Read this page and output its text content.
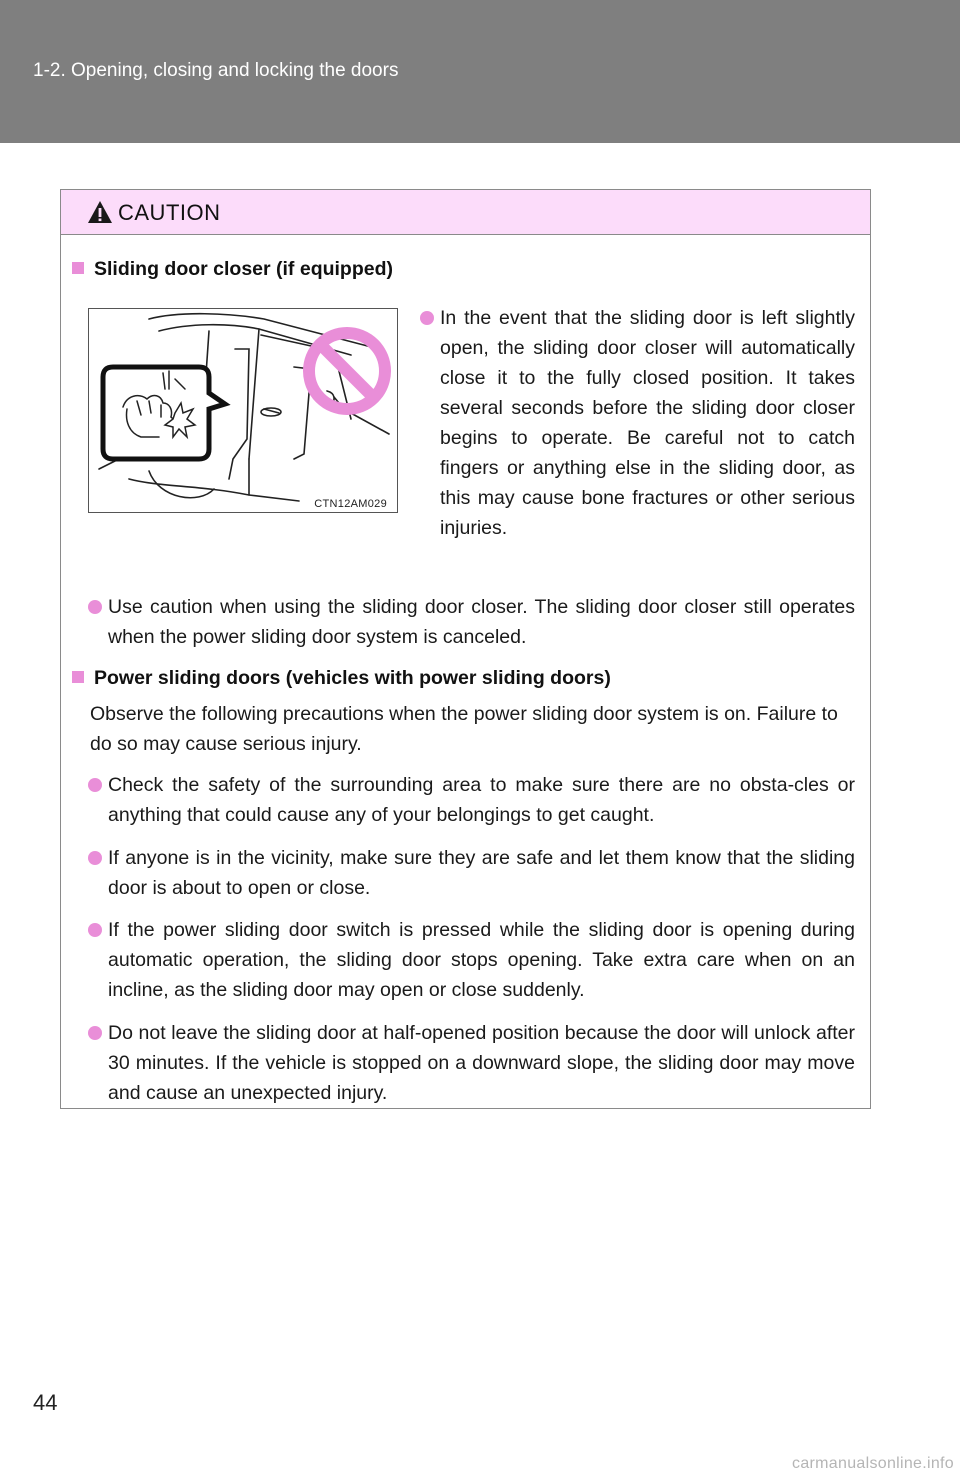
1-2. Opening, closing and locking the doors
CAUTION
Sliding door closer (if equipped)
CTN12AM029
In the event that the sliding door is left slightly open, the sliding door closer will automatically close it to the fully closed position. It takes several seconds before the sliding door closer begins to operate. Be careful not to catch fingers or anything else in the sliding door, as this may cause bone fractures or other serious injuries.
Use caution when using the sliding door closer. The sliding door closer still operates when the power sliding door system is canceled.
Power sliding doors (vehicles with power sliding doors)
Observe the following precautions when the power sliding door system is on. Failure to do so may cause serious injury.
Check the safety of the surrounding area to make sure there are no obsta-cles or anything that could cause any of your belongings to get caught.
If anyone is in the vicinity, make sure they are safe and let them know that the sliding door is about to open or close.
If the power sliding door switch is pressed while the sliding door is opening during automatic operation, the sliding door stops opening. Take extra care when on an incline, as the sliding door may open or close suddenly.
Do not leave the sliding door at half-opened position because the door will unlock after 30 minutes. If the vehicle is stopped on a downward slope, the sliding door may move and cause an unexpected injury.
44
carmanualsonline.info
